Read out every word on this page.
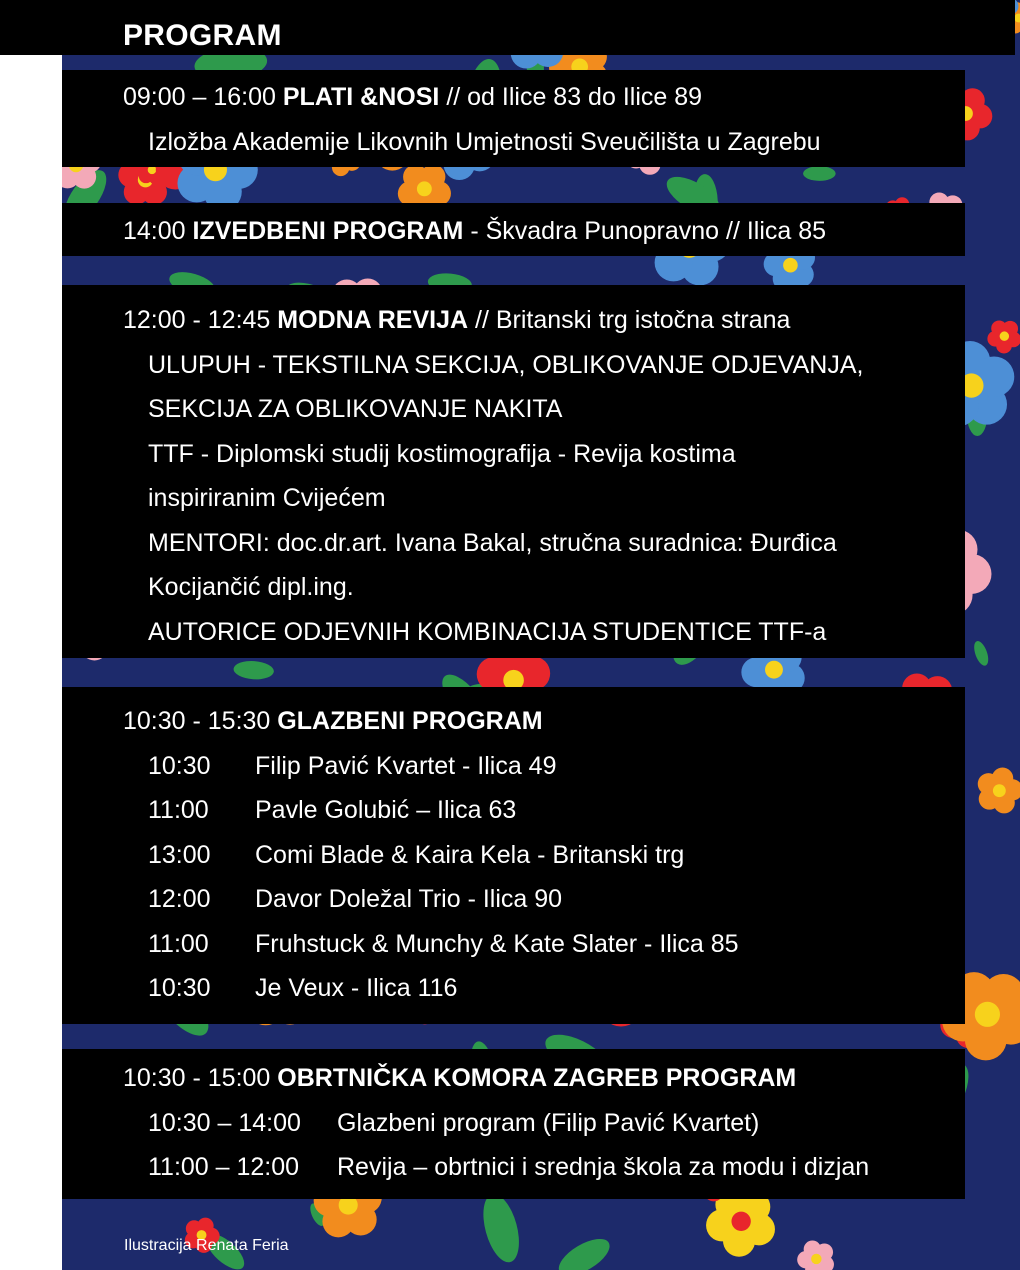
PROGRAM
09:00 – 16:00 PLATI &NOSI // od Ilice 83 do Ilice 89
Izložba Akademije Likovnih Umjetnosti Sveučilišta u Zagrebu
14:00 IZVEDBENI PROGRAM - Škvadra Punopravno // Ilica 85
12:00 - 12:45 MODNA REVIJA // Britanski trg istočna strana
ULUPUH - TEKSTILNA SEKCIJA, OBLIKOVANJE ODJEVANJA,
SEKCIJA ZA OBLIKOVANJE NAKITA
TTF - Diplomski studij kostimografija - Revija kostima
inspiriranim Cvijećem
MENTORI: doc.dr.art. Ivana Bakal, stručna suradnica: Đurđica
Kocijančić dipl.ing.
AUTORICE ODJEVNIH KOMBINACIJA STUDENTICE TTF-a
10:30 - 15:30 GLAZBENI PROGRAM
10:30 Filip Pavić Kvartet - Ilica 49
11:00 Pavle Golubić – Ilica 63
13:00 Comi Blade & Kaira Kela - Britanski trg
12:00 Davor Doležal Trio - Ilica 90
11:00 Fruhstuck & Munchy & Kate Slater - Ilica 85
10:30 Je Veux - Ilica 116
10:30 - 15:00 OBRTNIČKA KOMORA ZAGREB PROGRAM
10:30 – 14:00 Glazbeni program (Filip Pavić Kvartet)
11:00 – 12:00 Revija – obrtnici i srednja škola za modu i dizjan
Ilustracija Renata Feria
